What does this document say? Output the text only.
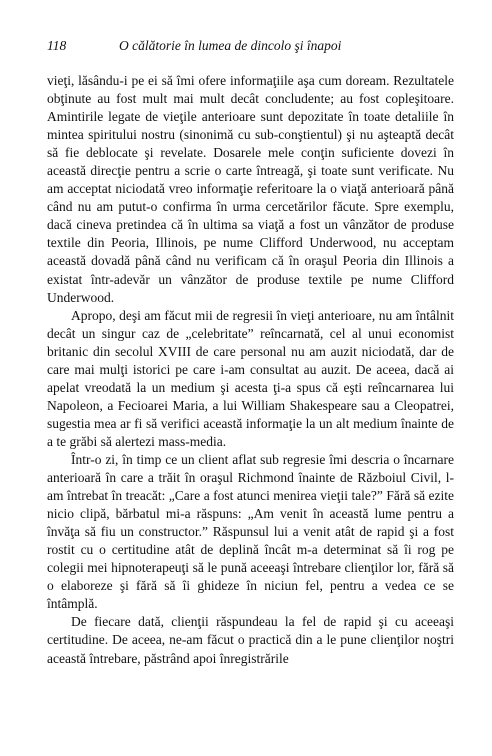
118	O călătorie în lumea de dincolo şi înapoi

vieţi, lăsându-i pe ei să îmi ofere informaţiile aşa cum doream. Rezultatele obţinute au fost mult mai mult decât concludente; au fost copleşitoare. Amintirile legate de vieţile anterioare sunt depozitate în toate detaliile în mintea spiritului nostru (sinonimă cu sub-conştientul) şi nu aşteaptă decât să fie deblocate şi revelate. Dosarele mele conţin suficiente dovezi în această direcţie pentru a scrie o carte întreagă, şi toate sunt verificate. Nu am acceptat niciodată vreo informaţie referitoare la o viaţă anterioară până când nu am putut-o confirma în urma cercetărilor făcute. Spre exemplu, dacă cineva pretindea că în ultima sa viaţă a fost un vânzător de produse textile din Peoria, Illinois, pe nume Clifford Underwood, nu acceptam această dovadă până când nu verificam că în oraşul Peoria din Illinois a existat într-adevăr un vânzător de produse textile pe nume Clifford Underwood.

Apropo, deşi am făcut mii de regresii în vieţi anterioare, nu am întâlnit decât un singur caz de „celebritate” reîncarnată, cel al unui economist britanic din secolul XVIII de care personal nu am auzit niciodată, dar de care mai mulţi istorici pe care i-am consultat au auzit. De aceea, dacă ai apelat vreodată la un medium şi acesta ţi-a spus că eşti reîncarnarea lui Napoleon, a Fecioarei Maria, a lui William Shakespeare sau a Cleopatrei, sugestia mea ar fi să verifici această informaţie la un alt medium înainte de a te grăbi să alertezi mass-media.

Într-o zi, în timp ce un client aflat sub regresie îmi descria o încarnare anterioară în care a trăit în oraşul Richmond înainte de Războiul Civil, l-am întrebat în treacăt: „Care a fost atunci menirea vieţii tale?” Fără să ezite nicio clipă, bărbatul mi-a răspuns: „Am venit în această lume pentru a învăţa să fiu un constructor.” Răspunsul lui a venit atât de rapid şi a fost rostit cu o certitudine atât de deplină încât m-a determinat să îi rog pe colegii mei hipnoterapeuţi să le pună aceeaşi întrebare clienţilor lor, fără să o elaboreze şi fără să îi ghideze în niciun fel, pentru a vedea ce se întâmplă.

De fiecare dată, clienţii răspundeau la fel de rapid şi cu aceeaşi certitudine. De aceea, ne-am făcut o practică din a le pune clienţilor noştri această întrebare, păstrând apoi înregistrările
